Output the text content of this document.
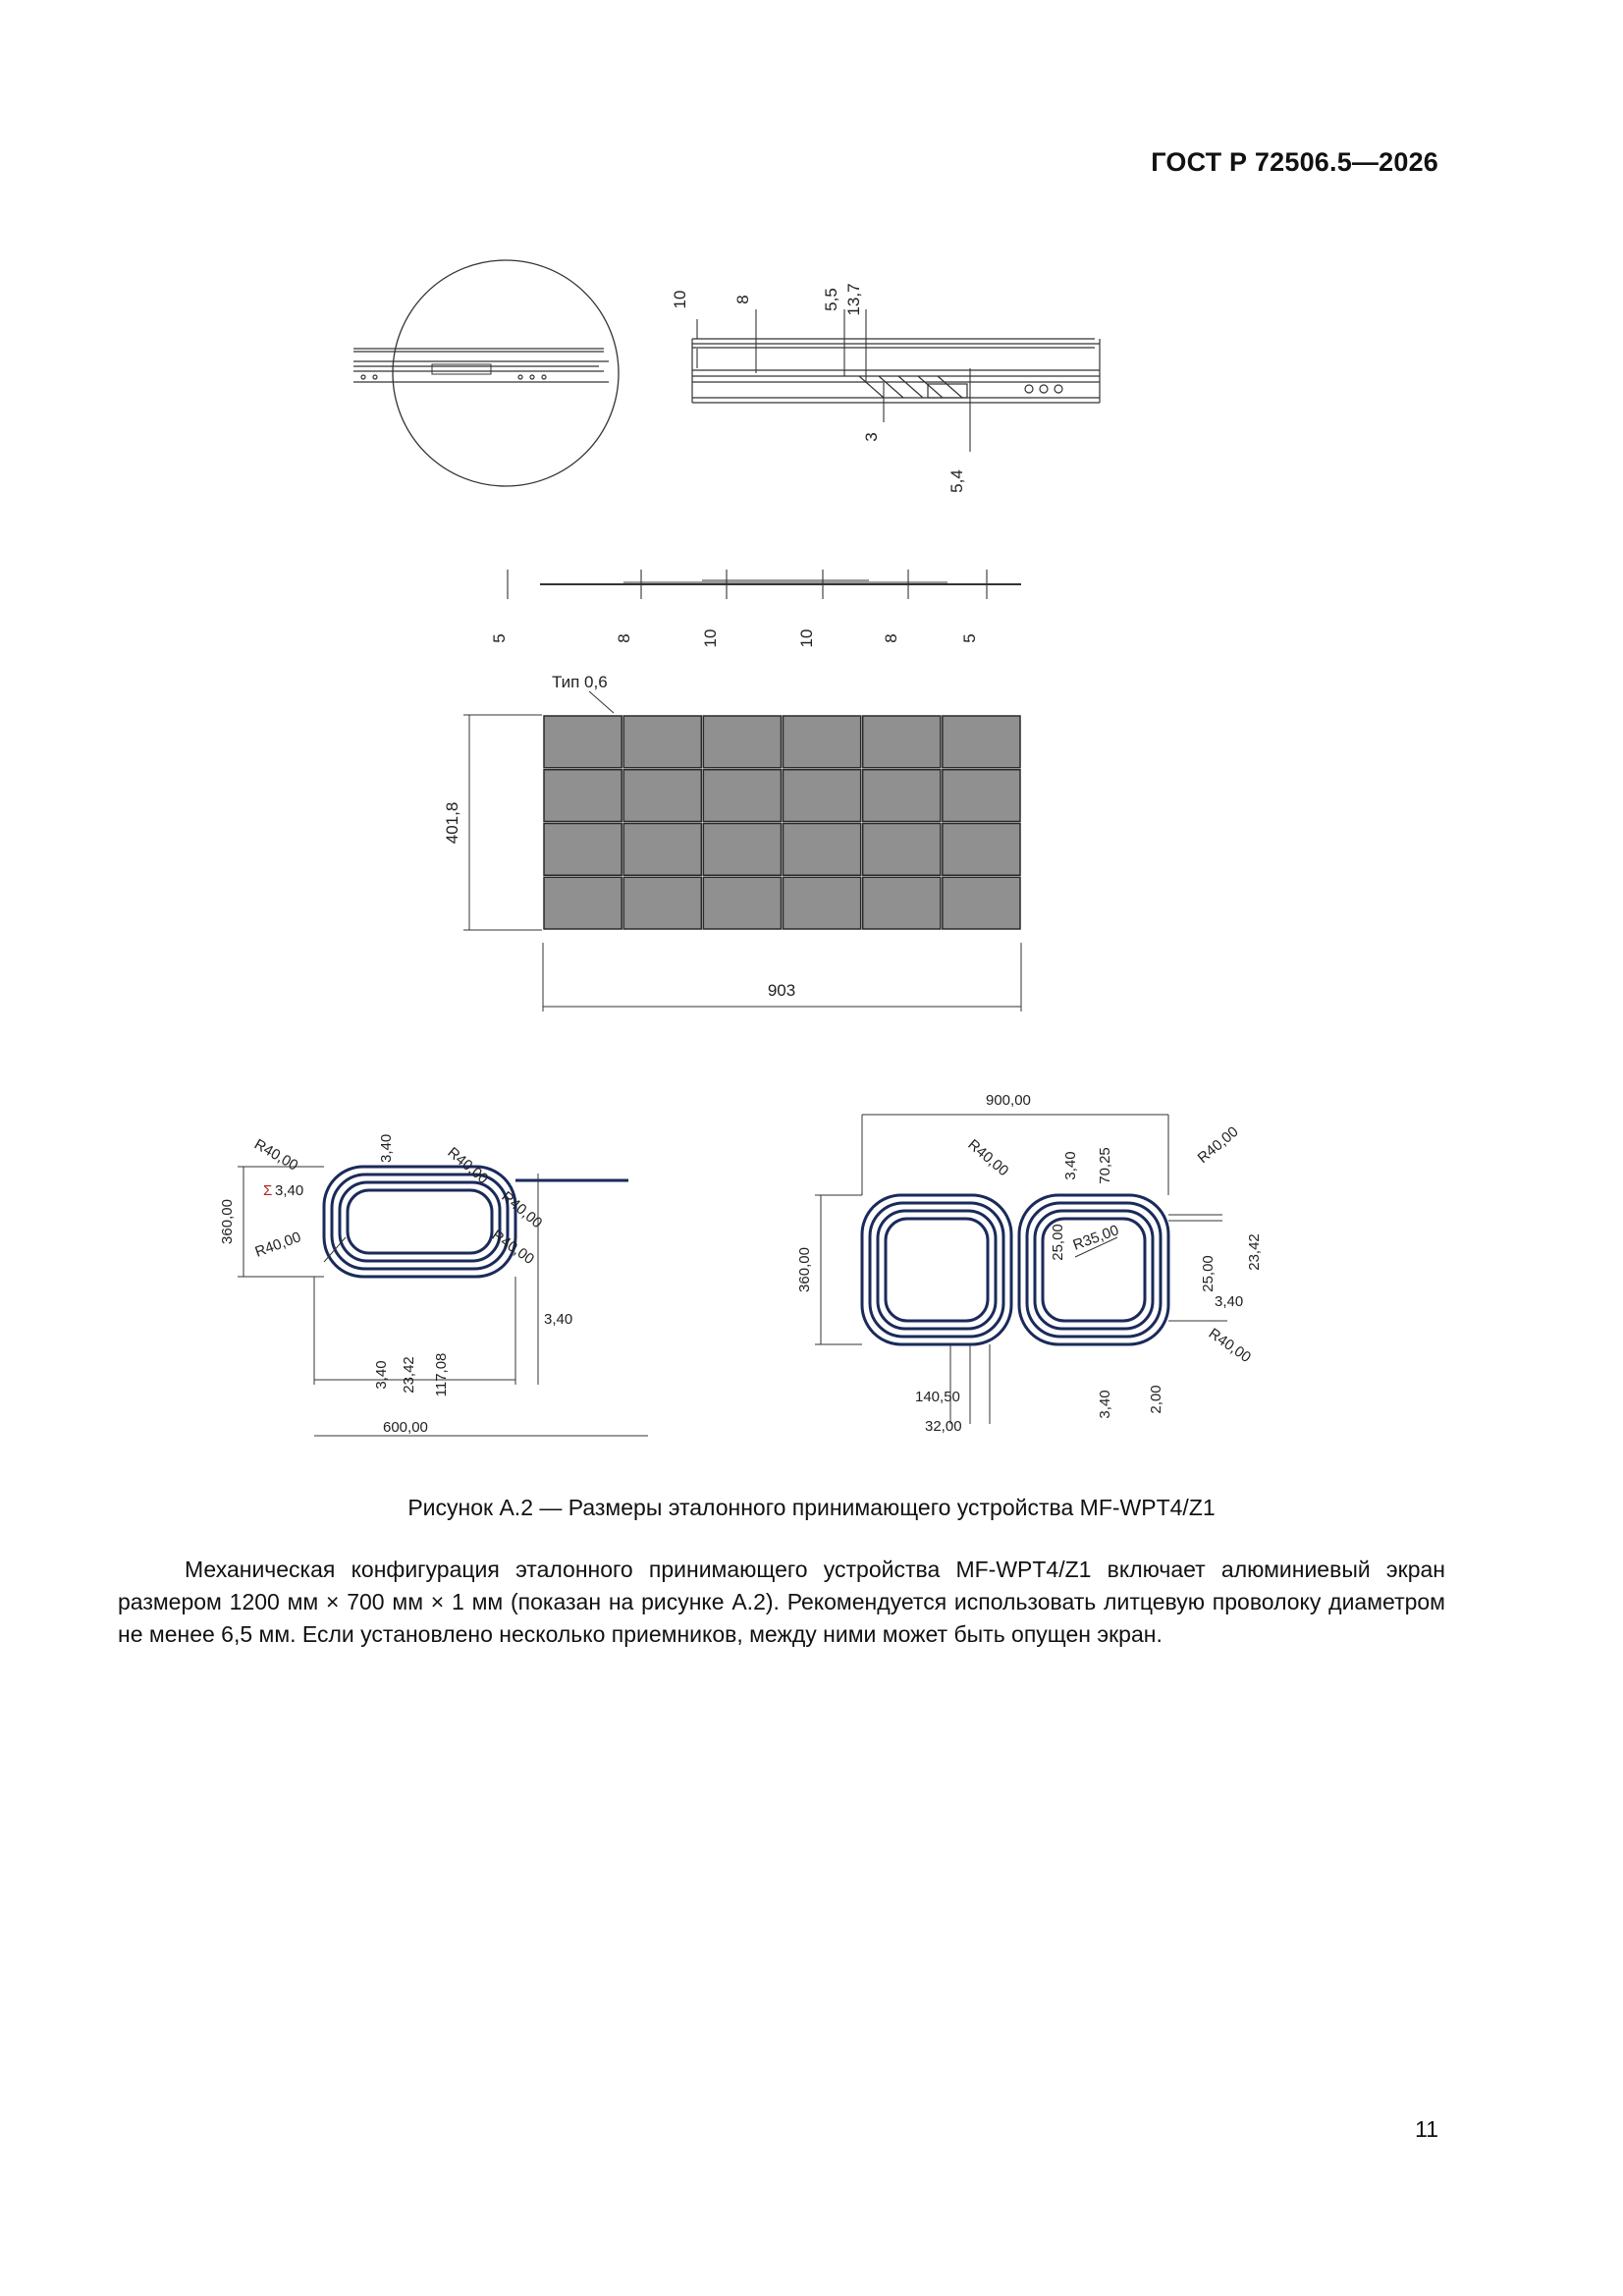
ГОСТ Р 72506.5—2026
10	8	5,5 13,7
3
5,4
5	8	10	10	8	5
Тип 0,6
401,8
903
R40,00	R40,00
R40,00
R40,00
R40,00
3,40
Σ 3,40
360,00
3,40
3,40 23,42 117,08
600,00
900,00
R40,00	3,40 70,25	R40,00
25,00 R35,00
360,00	23,42
25,00
3,40
R40,00
140,50
32,00
3,40 2,00
Рисунок А.2 — Размеры эталонного принимающего устройства MF-WPT4/Z1

Механическая конфигурация эталонного принимающего устройства MF-WPT4/Z1 включает алюминиевый экран размером 1200 мм × 700 мм × 1 мм (показан на рисунке А.2). Рекомендуется использовать литцевую проволоку диаметром не менее 6,5 мм. Если установлено несколько приемников, между ними может быть опущен экран.

11
